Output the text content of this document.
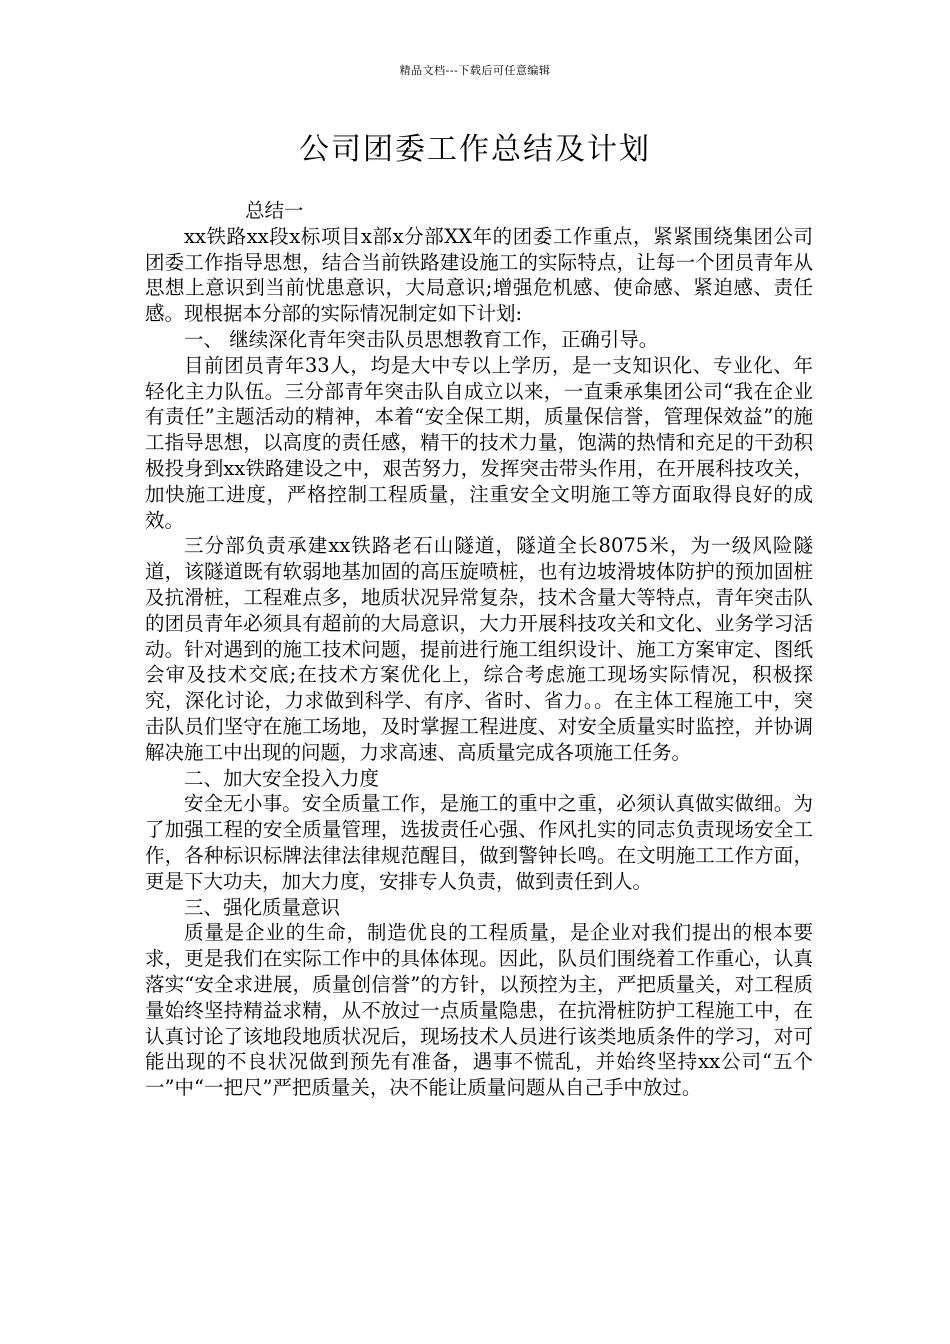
精品文档---下载后可任意编辑
公司团委工作总结及计划

总结一

xx铁路xx段x标项目x部x分部XX年的团委工作重点，紧紧围绕集团公司团委工作指导思想，结合当前铁路建设施工的实际特点，让每一个团员青年从思想上意识到当前忧患意识，大局意识;增强危机感、使命感、紧迫感、责任感。现根据本分部的实际情况制定如下计划:

一、 继续深化青年突击队员思想教育工作，正确引导。

目前团员青年33人，均是大中专以上学历，是一支知识化、专业化、年轻化主力队伍。三分部青年突击队自成立以来，一直秉承集团公司“我在企业有责任”主题活动的精神，本着“安全保工期，质量保信誉，管理保效益”的施工指导思想，以高度的责任感，精干的技术力量，饱满的热情和充足的干劲积极投身到xx铁路建设之中，艰苦努力，发挥突击带头作用，在开展科技攻关，加快施工进度，严格控制工程质量，注重安全文明施工等方面取得良好的成效。

三分部负责承建xx铁路老石山隧道，隧道全长8075米，为一级风险隧道，该隧道既有软弱地基加固的高压旋喷桩，也有边坡滑坡体防护的预加固桩及抗滑桩，工程难点多，地质状况异常复杂，技术含量大等特点，青年突击队的团员青年必须具有超前的大局意识，大力开展科技攻关和文化、业务学习活动。针对遇到的施工技术问题，提前进行施工组织设计、施工方案审定、图纸会审及技术交底;在技术方案优化上，综合考虑施工现场实际情况，积极探究，深化讨论，力求做到科学、有序、省时、省力。。在主体工程施工中，突击队员们坚守在施工场地，及时掌握工程进度、对安全质量实时监控，并协调解决施工中出现的问题，力求高速、高质量完成各项施工任务。

二、加大安全投入力度

安全无小事。安全质量工作，是施工的重中之重，必须认真做实做细。为了加强工程的安全质量管理，选拔责任心强、作风扎实的同志负责现场安全工作，各种标识标牌法律法律规范醒目，做到警钟长鸣。在文明施工工作方面，更是下大功夫，加大力度，安排专人负责，做到责任到人。

三、强化质量意识

质量是企业的生命，制造优良的工程质量，是企业对我们提出的根本要求，更是我们在实际工作中的具体体现。因此，队员们围绕着工作重心，认真落实“安全求进展，质量创信誉”的方针，以预控为主，严把质量关，对工程质量始终坚持精益求精，从不放过一点质量隐患，在抗滑桩防护工程施工中，在认真讨论了该地段地质状况后，现场技术人员进行该类地质条件的学习，对可能出现的不良状况做到预先有准备，遇事不慌乱，并始终坚持xx公司“五个一”中“一把尺”严把质量关，决不能让质量问题从自己手中放过。
